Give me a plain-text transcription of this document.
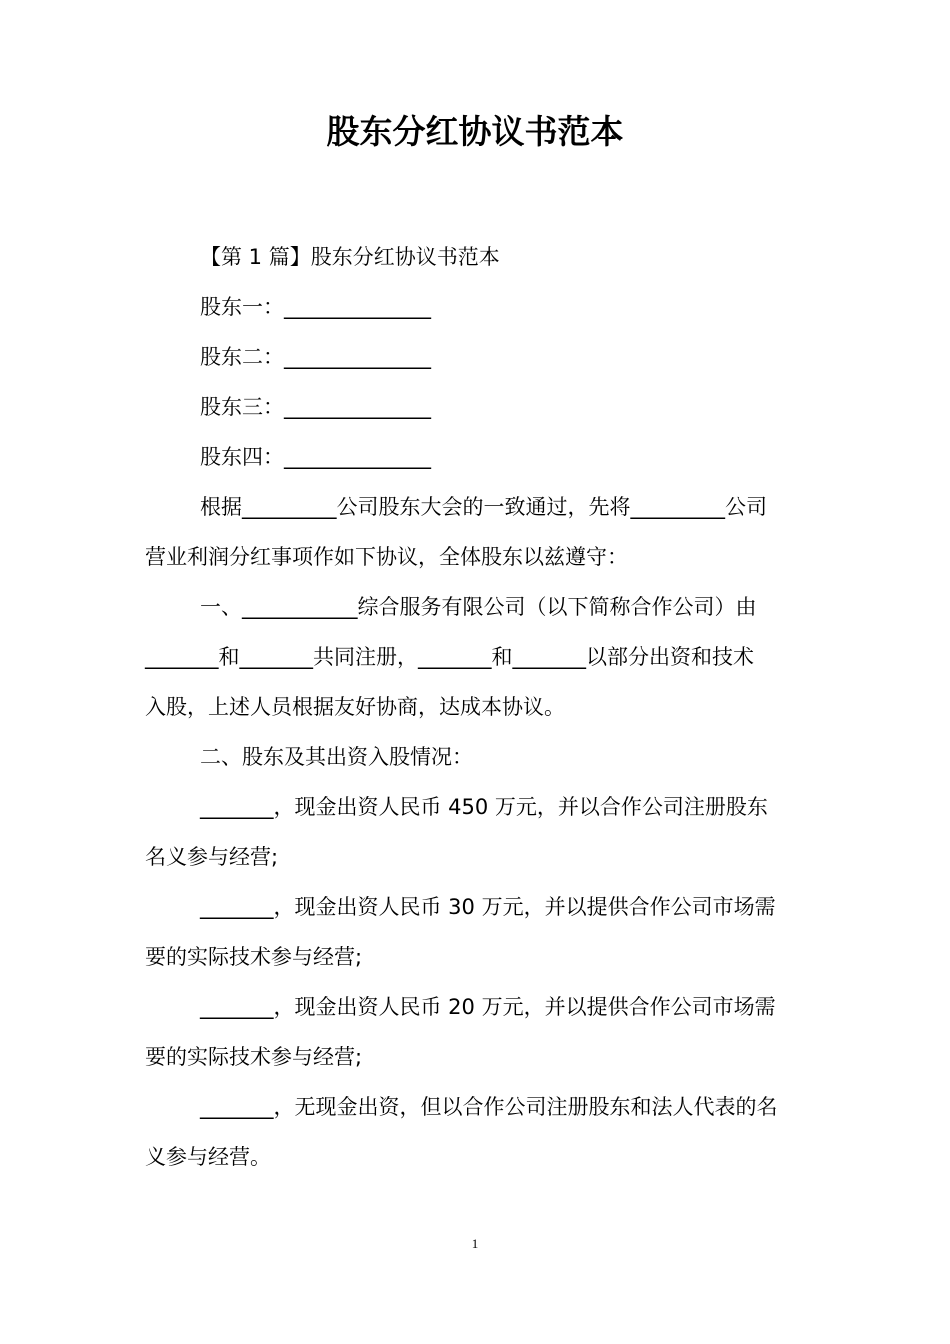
股东分红协议书范本
【第 1 篇】股东分红协议书范本
股东一：______________
股东二：______________
股东三：______________
股东四：______________
根据_________公司股东大会的一致通过，先将_________公司
营业利润分红事项作如下协议，全体股东以兹遵守：
一、___________综合服务有限公司（以下简称合作公司）由
_______和_______共同注册，_______和_______以部分出资和技术
入股，上述人员根据友好协商，达成本协议。
二、股东及其出资入股情况：
_______，现金出资人民币 450 万元，并以合作公司注册股东
名义参与经营;
_______，现金出资人民币 30 万元，并以提供合作公司市场需
要的实际技术参与经营;
_______，现金出资人民币 20 万元，并以提供合作公司市场需
要的实际技术参与经营;
_______，无现金出资，但以合作公司注册股东和法人代表的名
义参与经营。
1
